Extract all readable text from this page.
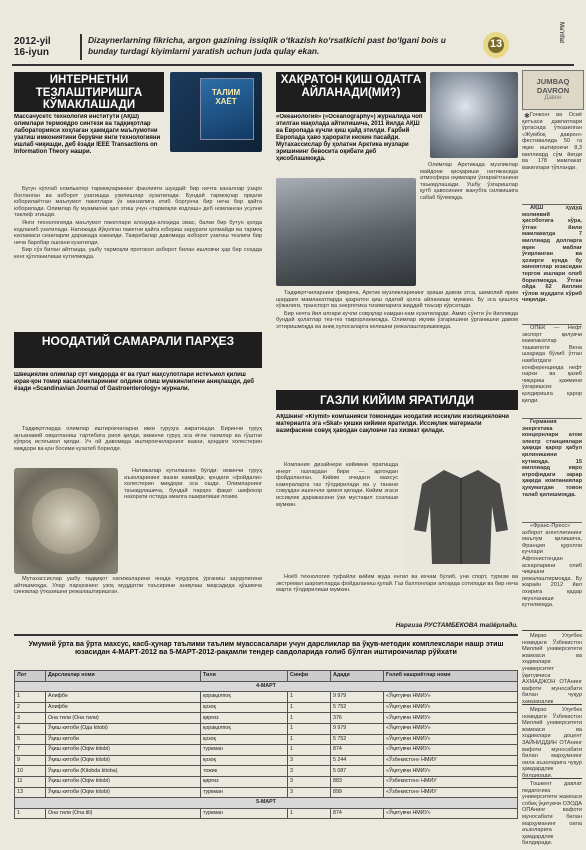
2012-yil
16-iyun
Dizaynerlarning fikricha, argon gazining issiqlik o‘tkazish ko‘rsatkichi past bo‘lgani bois u bunday turdagi kiyimlarni yaratish uchun juda qulay ekan.
13
Ma'rifat
ИНТЕРНЕТНИ ТЕЗЛАШТИРИШГА КЎМАКЛАШАДИ
ТАЛИМ ХАЁТ
Массачусетс технология институти (АҚШ) олимлари термоядро синтези ва тадқиқотлар лабораторияси хоҳлаган ҳажмдаги маълумотни узатиш имкониятини берувчи янги технологияни ишлаб чиқишди, деб ёзади IEEE Transactions on Information Theory нашри.

Бугун кўплаб компьютер тармоқларининг фаолияти шундай: бир нечта каналлар ўзаро боғланган ва ахборот узатишда узилишлар кузатилади. Бундай тармоқлар орқали юборилаётган маълумот пакетлари ўз манзилига етиб боргунча бир неча бор қайта юборилади. Олимлар бу муаммони ҳал этиш учун «тармоқли кодлаш» деб номланган усулни таклиф этишди.

Янги технологияда маълумот пакетлари алоҳида-алоҳида эмас, балки бир бутун ҳолда кодланиб узатилади. Натижада йўқолган пакетни қайта юбориш зарурати қолмайди ва тармоқ юкламаси сезиларли даражада камаяди. Тажрибалар давомида ахборот узатиш тезлиги бир неча баробар ошгани кузатилди.

Бир сўз билан айтганда, ушбу тармоқли протокол ахборот билан ишловчи ҳар бир соҳада кенг қўлланилиши кутилмоқда.

НООДАТИЙ САМАРАЛИ ПАРҲЕЗ
Швециялик олимлар сўт миқдорда ёг ва гўшт маҳсулотлари истеъмол қилиш юрак-қон томир касалликларининг олдини олиш мумкинлигини аниқлашди, деб ёзади «Scandinavian Journal of Gastroenterology» журнали.

Тадқиқотларда олимлар иштирокчиларни икки гуруҳга ажратишди. Биринчи гуруҳ анъанавий овқатланиш тартибига риоя қилди, иккинчи гуруҳ эса ёғли таомлар ва гўштни кўпроқ истеъмол қилди. Уч ой давомида иштирокчиларнинг вазни, қондаги холестерин миқдори ва қон босими кузатиб борилди.

Натижалар кутилмаган бўлди: иккинчи гуруҳ аъзоларининг вазни камайди, қондаги «фойдали» холестерин миқдори эса ошди. Олимларнинг таъкидлашича, бундай парҳез фақат шифокор назорати остида амалга оширилиши лозим.

Мутахассислар ушбу тадқиқот натижаларини янада чуқурроқ ўрганиш зарурлигини айтишмоқда. Улар парҳезнинг узоқ муддатли таъсирини аниқлаш мақсадида қўшимча синовлар ўтказишни режалаштиришган.

ХАҚРАТОН ҚИШ ОДАТГА АЙЛАНАДИ(МИ?)
«Океанология» («Oceanography») журналида чоп этилган мақолада айтилишича, 2011 йилда АҚШ ва Европада кучли қиш қайд этилди. Ғарбий Европада ҳаво ҳарорати кескин пасайди. Мутахассислар бу ҳолатни Арктика музлари эришининг бевосита оқибати деб ҳисоблашмоқда.

Олимлар Арктикада музликлар майдони қисқариши натижасида атмосфера оқимлари ўзгараётганини таъкидлашади. Ушбу ўзгаришлар қутб ҳавосининг жанубга силжишига сабаб бўлмоқда.

Тадқиқотчиларнинг фикрича, Арктик музликларининг эриши давом этса, шимолий ярим шардаги мамлакатларда қаҳратон қиш одатий ҳолга айланиши мумкин. Бу эса қишлоқ хўжалиги, транспорт ва энергетика тизимларига жиддий таъсир кўрсатади.

Бир нечта йил илгари кучли совуқлар камдан-кам кузатиларди. Аммо сўнгги ўн йилликда бундай ҳолатлар тез-тез такрорланмоқда. Олимлар иқлим ўзгаришини ўрганишни давом эттиришмоқда ва аниқ хулосаларга келишни режалаштиришмоқда.

ГАЗЛИ КИЙИМ ЯРАТИЛДИ
АҚШнинг «Klymit» компанияси томонидан ноодатий иссиқлик изоляцияловчи материалга эга «Skat» қишки кийими яратилди. Иссиқлик материали вазифасини совуқ ҳаводан сақловчи газ хизмат қилади.

Компания дизайнери кийимни яратишда инерт газлардан бири — аргондан фойдаланган. Кийим ичидаги махсус камераларга газ тўлдирилади ва у танани совуқдан ишончли ҳимоя қилади. Кийим эгаси иссиқлик даражасини ўзи мустақил созлаши мумкин.

Ноёб технология туфайли кийим жуда енгил ва ихчам бўлиб, уни спорт, туризм ва экстремал шароитларда фойдаланиш қулай. Газ баллонлари алоҳида сотилади ва бир неча марта тўлдирилиши мумкин.

Наргиза РУСТАМБЕКОВА тайёрлади.
JUMBAQ DAVRON
Давон

Гонконг ва Осиё қитъаси давлатлари ўртасида ўтказилган «Жумбоқ даврон» фестивалида 50 га яқин иштирокчи 8,3 миллиард сўм йиғди ва 178 мамлакат вакиллари тўпланди.

АҚШ ҳудуд молиявий ҳисоботига кўра, ўтган йили мамлакатда 7 миллиард долларга яқин маблағ ўғирланган ва ҳозирги кунда бу жиноятлар юзасидан тергов ишлари олиб борилмоқда. Ўтган ойда 62 йиллик тўлов муддати кўриб чиқилди.

ОПЕК — Нефт экспорт қилувчи мамлакатлар ташкилоти Вена шаҳрида бўлиб ўтган навбатдаги конференцияда нефт нархи ва қазиб чиқариш ҳажмини ўзгаришсиз қолдиришга қарор қилди.

Германия энергетика концернлари атом электр станциялари ҳақида қарор қабул қилинишини кутмоқда. 15 миллиард евро атрофидаги зарар ҳақида компаниялар ҳукуматдан товон талаб қилишмоқда.

«Франс-Пресс» ахборот агентлигининг маълум қилишича, Франция қуролли кучлари Афғонистондан аскарларини олиб чиқишни режалаштирмоқда. Бу жараён 2012 йил охирига қадар якунланиши кутилмоқда.

✱

Мирзо Улуғбек номидаги Ўзбекистон Миллий университети жамоаси ва ходимлари университет ўқитувчиси АХМАДЖОН ОТАнинг вафоти муносабати билан чуқур ҳамдардлик

Мирзо Улуғбек номидаги Ўзбекистон Миллий университети жамоаси ва ходимлари доцент ЗАЙНИДДИН ОТАнинг вафоти муносабати билан марҳумнинг оила аъзоларига чуқур ҳамдардлик билдиради.

Тошкент давлат педагогика университети жамоаси собиқ ўқитувчи ОЗОДА ОПАнинг вафоти муносабати билан марҳуманинг оила аъзоларига ҳамдардлик билдиради.

Умумий ўрта ва ўрта махсус, касб-ҳунар таълими таълим муассасалари учун дарсликлар ва ўқув-методик комплекслари нашр этиш юзасидан 4-МАРТ-2012 ва 5-МАРТ-2012-рақамли тендер савдоларида ғолиб бўлган иштирокчилар рўйхати
Лот	Дарсликлар номи	Тили	Синфи	Адади	Ғолиб нашриётлар номи
4-МАРТ					
1	Алифбе	қорақалпоқ	1	9 979	«Ўқитувчи НМИУ»
2	Алифбе	қозоқ	1	5 752	«Ўқитувчи НМИУ»
3	Она тили (Она тили)	қирғиз	1	376	«Ўқитувчи НМИУ»
4	Ўқиш китоби (Ода kitobi)	қорақалпоқ	1	9 979	«Ўқитувчи НМИУ»
5	Ўқиш китоби	қозоқ	1	5 752	«Ўқитувчи НМИУ»
7	Ўқиш китоби (Oqiw kitobi)	туркман	1	874	«Ўқитувчи НМИУ»
9	Ўқиш китоби (Oqiw kitobi)	қозоқ	3	5 244	«Ўзбекистон» НМИУ
10	Ўқиш китоби (Kitobda kitoba)	тожик	3	5 087	«Ўқитувчи НМИУ»
11	Ўқиш китоби (Oqiw kitobi)	қирғиз	3	883	«Ўзбекистон» НМИУ
13	Ўқиш китоби (Oqiw kitobi)	туркман	3	899	«Ўзбекистон» НМИУ
5-МАРТ					
1	Она тили (Ona tili)	туркман	1	874	«Ўқитувчи НМИУ»
